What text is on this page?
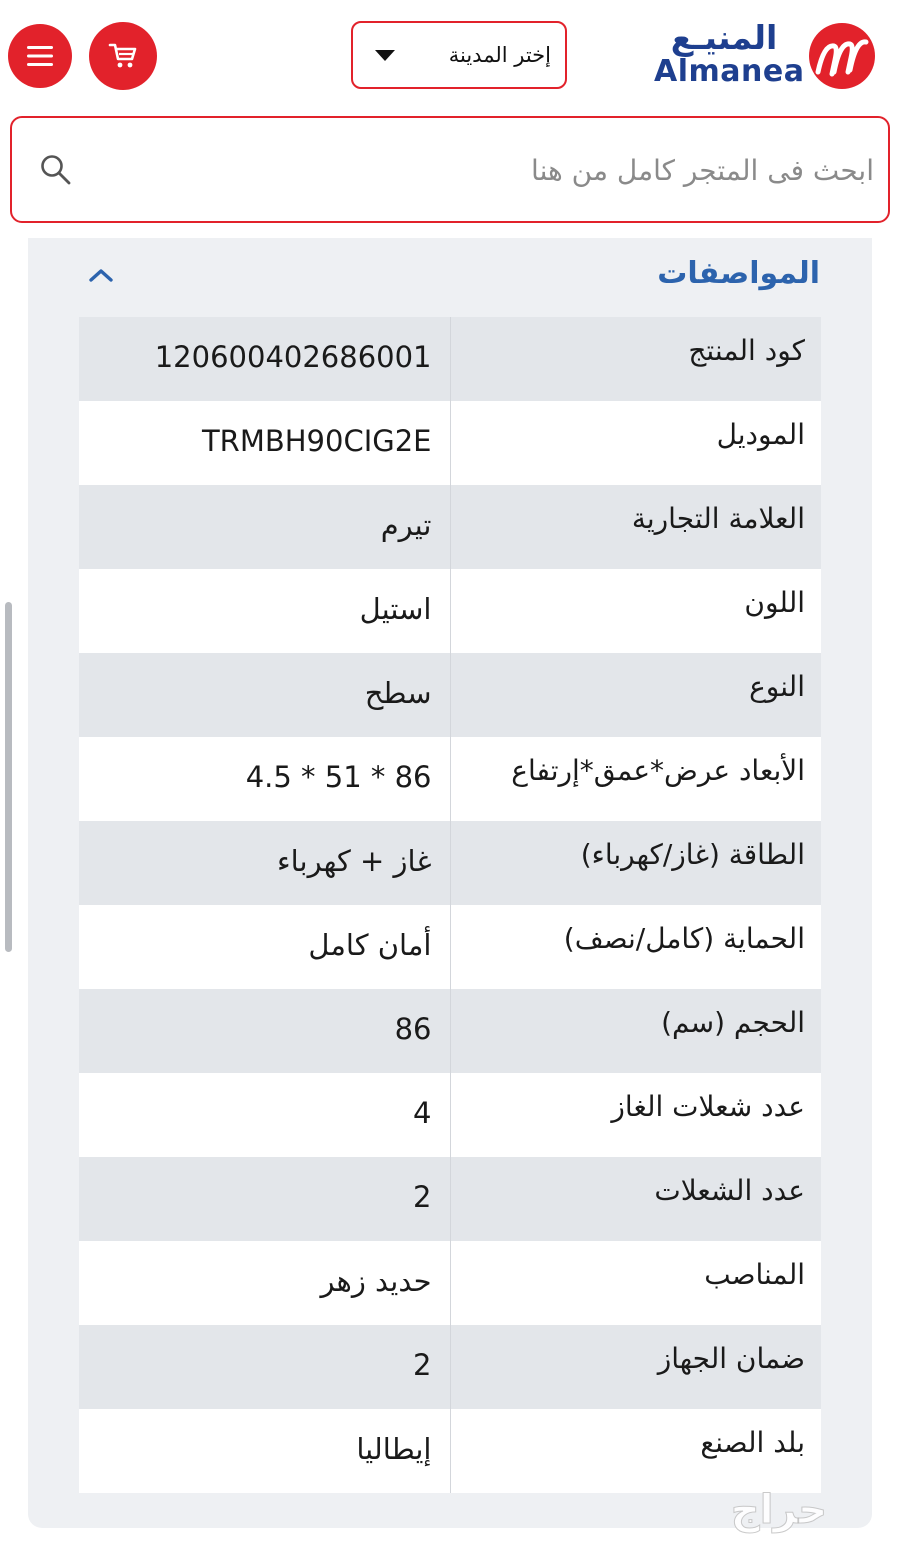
إختر المدينة	المنيـع
Almanea
ابحث فى المتجر كامل من هنا
المواصفات
كود المنتج
120600402686001
الموديل
TRMBH90CIG2E
العلامة التجارية
تيرم
اللون
استيل
النوع
سطح
الأبعاد عرض*عمق*إرتفاع
86 * 51 * 4.5
الطاقة (غاز/كهرباء)
غاز + كهرباء
الحماية (كامل/نصف)
أمان كامل
الحجم (سم)
86
عدد شعلات الغاز
4
عدد الشعلات
2
المناصب
حديد زهر
ضمان الجهاز
2
بلد الصنع
إيطاليا
حراج
